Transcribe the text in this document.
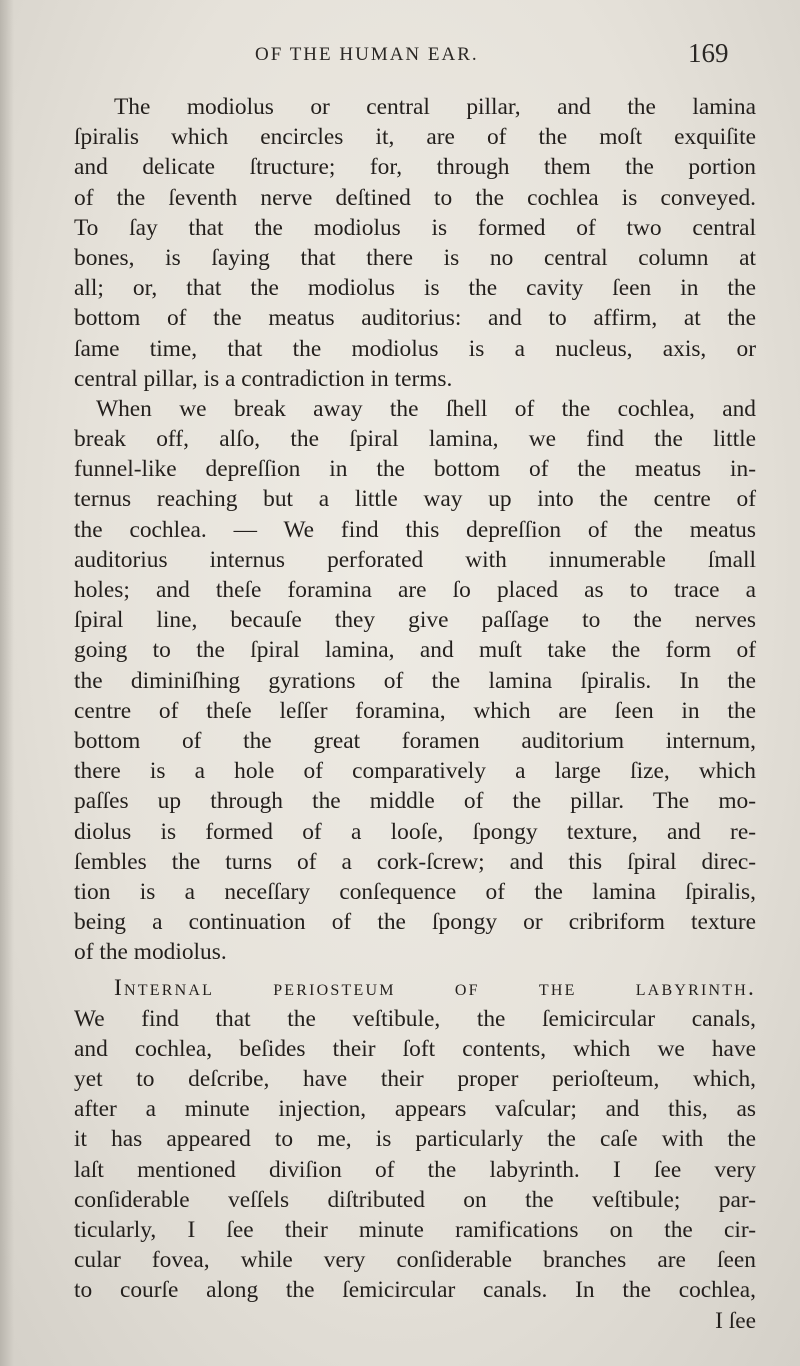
OF THE HUMAN EAR.	169
The modiolus or central pillar, and the lamina
ſpiralis which encircles it, are of the moſt exquiſite
and delicate ſtructure; for, through them the portion
of the ſeventh nerve deſtined to the cochlea is conveyed.
To ſay that the modiolus is formed of two central
bones, is ſaying that there is no central column at
all; or, that the modiolus is the cavity ſeen in the
bottom of the meatus auditorius: and to affirm, at the
ſame time, that the modiolus is a nucleus, axis, or
central pillar, is a contradiction in terms.
When we break away the ſhell of the cochlea, and
break off, alſo, the ſpiral lamina, we find the little
funnel-like depreſſion in the bottom of the meatus in-
ternus reaching but a little way up into the centre of
the cochlea. — We find this depreſſion of the meatus
auditorius internus perforated with innumerable ſmall
holes; and theſe foramina are ſo placed as to trace a
ſpiral line, becauſe they give paſſage to the nerves
going to the ſpiral lamina, and muſt take the form of
the diminiſhing gyrations of the lamina ſpiralis. In the
centre of theſe leſſer foramina, which are ſeen in the
bottom of the great foramen auditorium internum,
there is a hole of comparatively a large ſize, which
paſſes up through the middle of the pillar. The mo-
diolus is formed of a looſe, ſpongy texture, and re-
ſembles the turns of a cork-ſcrew; and this ſpiral direc-
tion is a neceſſary conſequence of the lamina ſpiralis,
being a continuation of the ſpongy or cribriform texture
of the modiolus.
Internal periosteum of the labyrinth.
We find that the veſtibule, the ſemicircular canals,
and cochlea, beſides their ſoft contents, which we have
yet to deſcribe, have their proper perioſteum, which,
after a minute injection, appears vaſcular; and this, as
it has appeared to me, is particularly the caſe with the
laſt mentioned diviſion of the labyrinth. I ſee very
conſiderable veſſels diſtributed on the veſtibule; par-
ticularly, I ſee their minute ramifications on the cir-
cular fovea, while very conſiderable branches are ſeen
to courſe along the ſemicircular canals. In the cochlea,
I ſee
